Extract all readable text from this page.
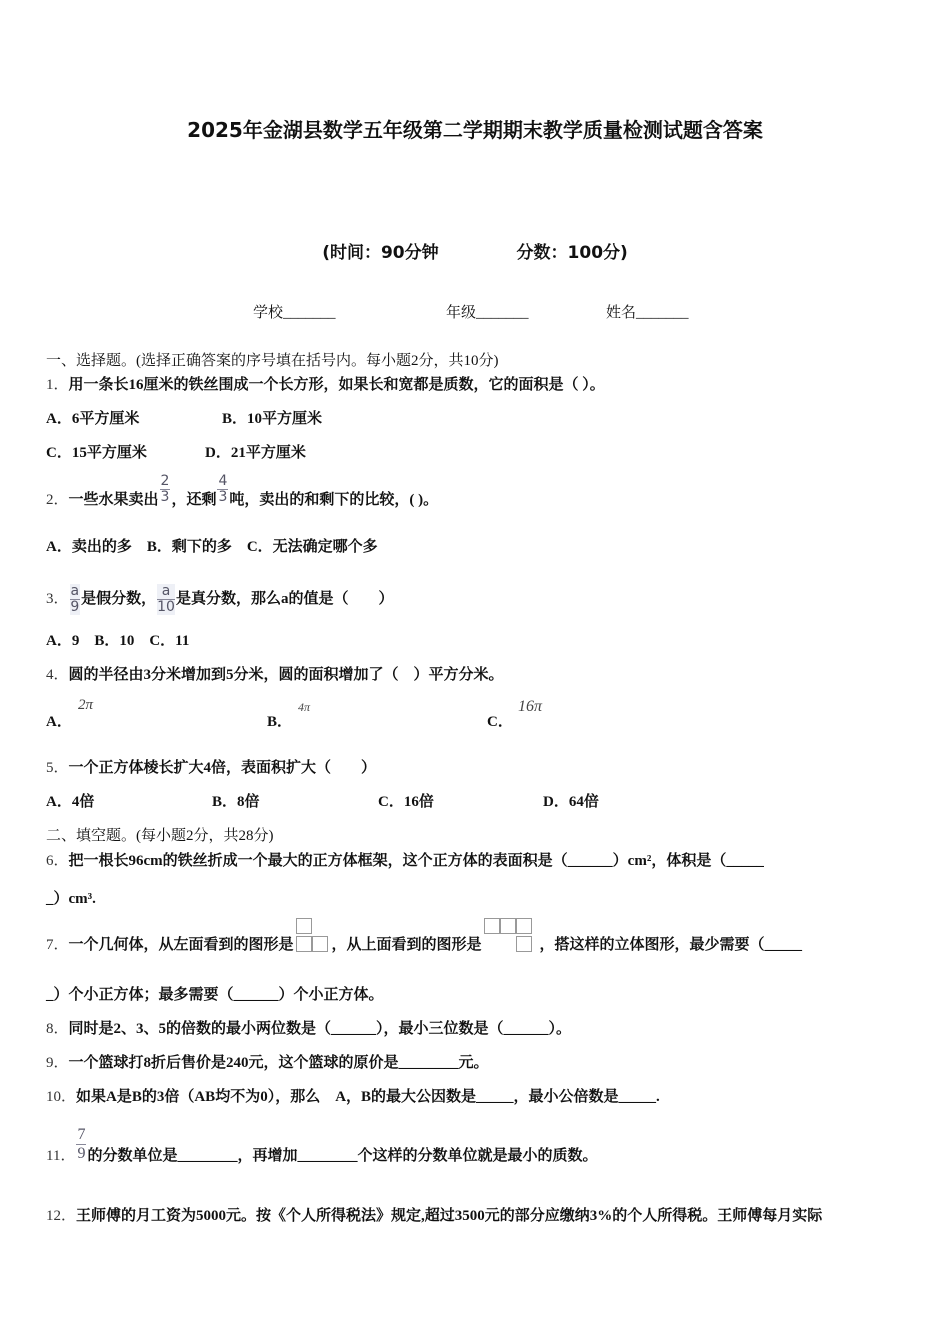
2025年金湖县数学五年级第二学期期末教学质量检测试题含答案
(时间：90分钟	分数：100分)
学校_______	年级_______	姓名_______
一、选择题。(选择正确答案的序号填在括号内。每小题2分，共10分)
1．用一条长16厘米的铁丝围成一个长方形，如果长和宽都是质数，它的面积是（ ）。
A．6平方厘米	B．10平方厘米
C．15平方厘米	D．21平方厘米
2．一些水果卖出 $\frac{2}{3}$ ，还剩 $\frac{4}{3}$ 吨，卖出的和剩下的比较，( )。
A．卖出的多　B．剩下的多　C．无法确定哪个多
3． $\frac{a}{9}$ 是假分数， $\frac{a}{10}$ 是真分数，那么a的值是（　　）
A．9　B．10　C．11
4．圆的半径由3分米增加到5分米，圆的面积增加了（　）平方分米。
A．
2π
B．
4π
C．
16π
5．一个正方体棱长扩大4倍，表面积扩大（　　）
A．4倍	B．8倍	C．16倍	D．64倍
二、填空题。(每小题2分，共28分)
6．把一根长96cm的铁丝折成一个最大的正方体框架，这个正方体的表面积是（______）cm²，体积是（_____
_）cm³.
7．一个几何体，从左面看到的图形是	，从上面看到的图形是	，搭这样的立体图形，最少需要（_____
_）个小正方体；最多需要（______）个小正方体。
8．同时是2、3、5的倍数的最小两位数是（______），最小三位数是（______）。
9．一个篮球打8折后售价是240元，这个篮球的原价是________元。
10．如果A是B的3倍（AB均不为0），那么　A，B的最大公因数是_____，最小公倍数是_____.
11． $\frac{7}{9}$ 的分数单位是________，再增加________个这样的分数单位就是最小的质数。
12．王师傅的月工资为5000元。按《个人所得税法》规定,超过3500元的部分应缴纳3%的个人所得税。王师傅每月实际
